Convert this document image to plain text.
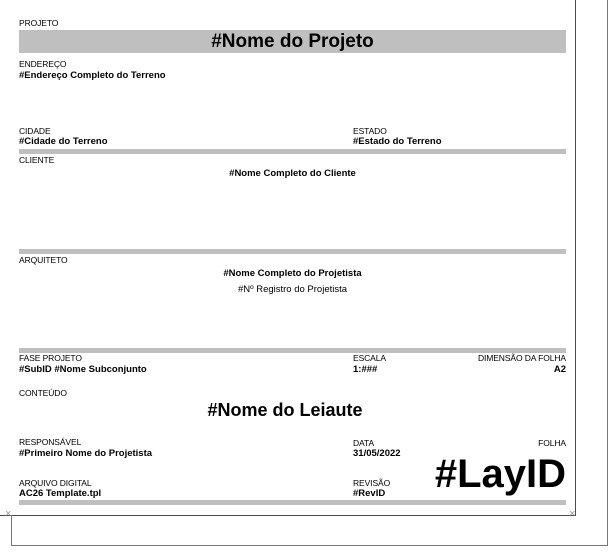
×	×
PROJETO
#Nome do Projeto
ENDEREÇO
#Endereço Completo do Terreno
CIDADE
#Cidade do Terreno
ESTADO
#Estado do Terreno
CLIENTE
#Nome Completo do Cliente
ARQUITETO
#Nome Completo do Projetista
#Nº Registro do Projetista
FASE PROJETO
#SubID #Nome Subconjunto
ESCALA
1:###
DIMENSÃO DA FOLHA
A2
CONTEÚDO
#Nome do Leiaute
RESPONSÁVEL
#Primeiro Nome do Projetista
DATA
31/05/2022
FOLHA
#LayID
ARQUIVO DIGITAL
AC26 Template.tpl
REVISÃO
#RevID
